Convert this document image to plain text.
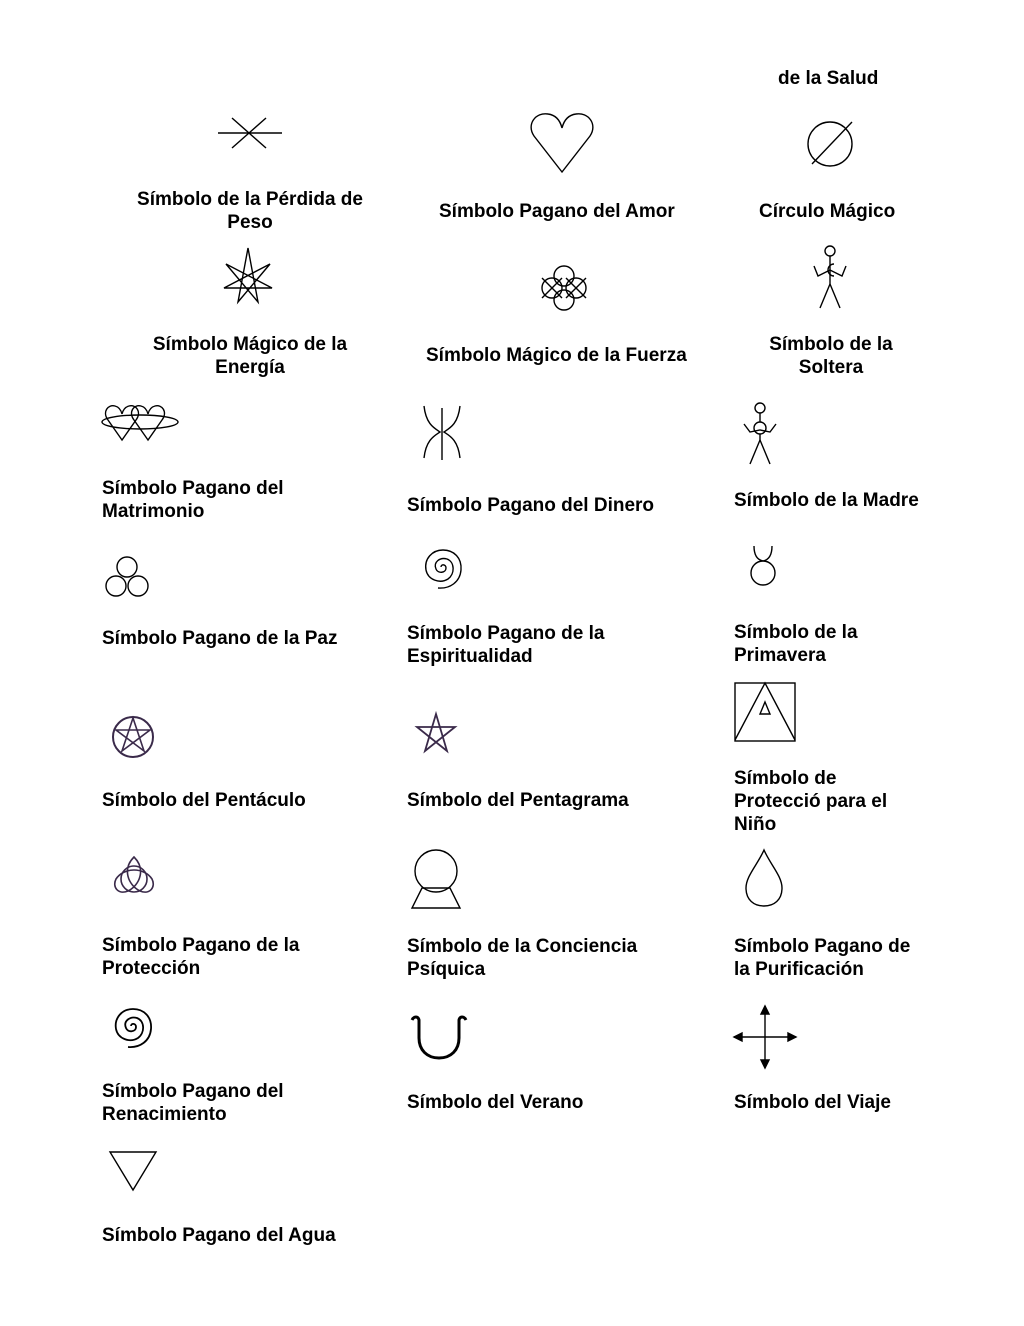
de la Salud
Símbolo de la Pérdida de
Peso
Símbolo Pagano del Amor	Círculo Mágico
Símbolo Mágico de la
Energía
Símbolo Mágico de la Fuerza
Símbolo de la
Soltera
Símbolo Pagano del
Matrimonio	Símbolo Pagano del Dinero	Símbolo de la Madre
Símbolo Pagano de la Paz	Símbolo Pagano de la
Espiritualidad
Símbolo de la
Primavera
Símbolo del Pentáculo	Símbolo del Pentagrama
Símbolo de
Protecció para el
Niño
Símbolo Pagano de la
Protección
Símbolo de la Conciencia
Psíquica
Símbolo Pagano de
la Purificación
Símbolo Pagano del
Renacimiento
Símbolo del Verano	Símbolo del Viaje
Símbolo Pagano del Agua
